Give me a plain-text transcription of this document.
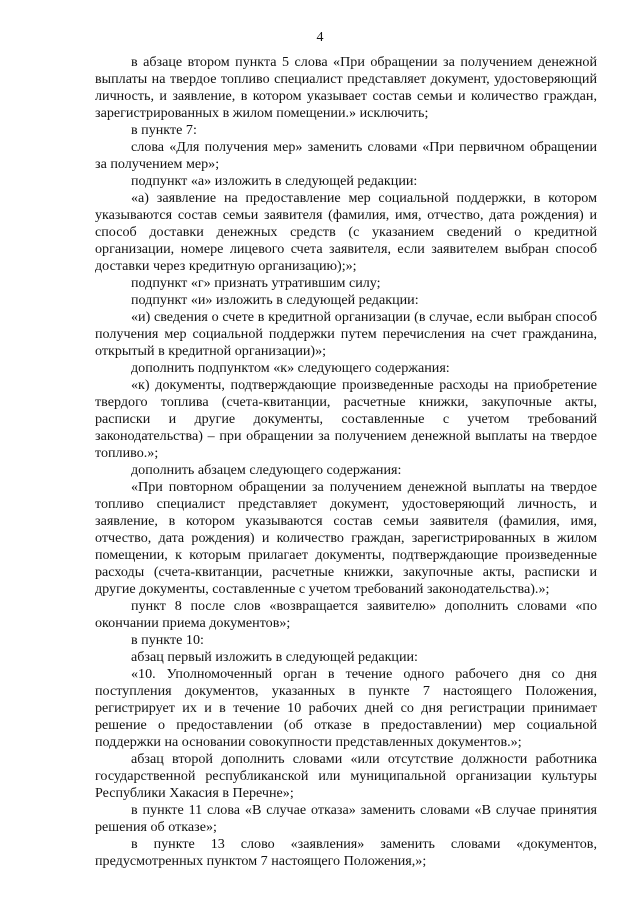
4

в абзаце втором пункта 5 слова «При обращении за получением денежной выплаты на твердое топливо специалист представляет документ, удостоверяющий личность, и заявление, в котором указывает состав семьи и количество граждан, зарегистрированных в жилом помещении.» исключить;

в пункте 7:

слова «Для получения мер» заменить словами «При первичном обращении за получением мер»;

подпункт «а» изложить в следующей редакции:

«а) заявление на предоставление мер социальной поддержки, в котором указываются состав семьи заявителя (фамилия, имя, отчество, дата рождения) и способ доставки денежных средств (с указанием сведений о кредитной организации, номере лицевого счета заявителя, если заявителем выбран способ доставки через кредитную организацию);»;

подпункт «г» признать утратившим силу;

подпункт «и» изложить в следующей редакции:

«и) сведения о счете в кредитной организации (в случае, если выбран способ получения мер социальной поддержки путем перечисления на счет гражданина, открытый в кредитной организации)»;

дополнить подпунктом «к» следующего содержания:

«к) документы, подтверждающие произведенные расходы на приобретение твердого топлива (счета-квитанции, расчетные книжки, закупочные акты, расписки и другие документы, составленные с учетом требований законодательства) – при обращении за получением денежной выплаты на твердое топливо.»;

дополнить абзацем следующего содержания:

«При повторном обращении за получением денежной выплаты на твердое топливо специалист представляет документ, удостоверяющий личность, и заявление, в котором указываются состав семьи заявителя (фамилия, имя, отчество, дата рождения) и количество граждан, зарегистрированных в жилом помещении, к которым прилагает документы, подтверждающие произведенные расходы (счета-квитанции, расчетные книжки, закупочные акты, расписки и другие документы, составленные с учетом требований законодательства).»;

пункт 8 после слов «возвращается заявителю» дополнить словами «по окончании приема документов»;

в пункте 10:

абзац первый изложить в следующей редакции:

«10. Уполномоченный орган в течение одного рабочего дня со дня поступления документов, указанных в пункте 7 настоящего Положения, регистрирует их и в течение 10 рабочих дней со дня регистрации принимает решение о предоставлении (об отказе в предоставлении) мер социальной поддержки на основании совокупности представленных документов.»;

абзац второй дополнить словами «или отсутствие должности работника государственной республиканской или муниципальной организации культуры Республики Хакасия в Перечне»;

в пункте 11 слова «В случае отказа» заменить словами «В случае принятия решения об отказе»;

в пункте 13 слово «заявления» заменить словами «документов, предусмотренных пунктом 7 настоящего Положения,»;
